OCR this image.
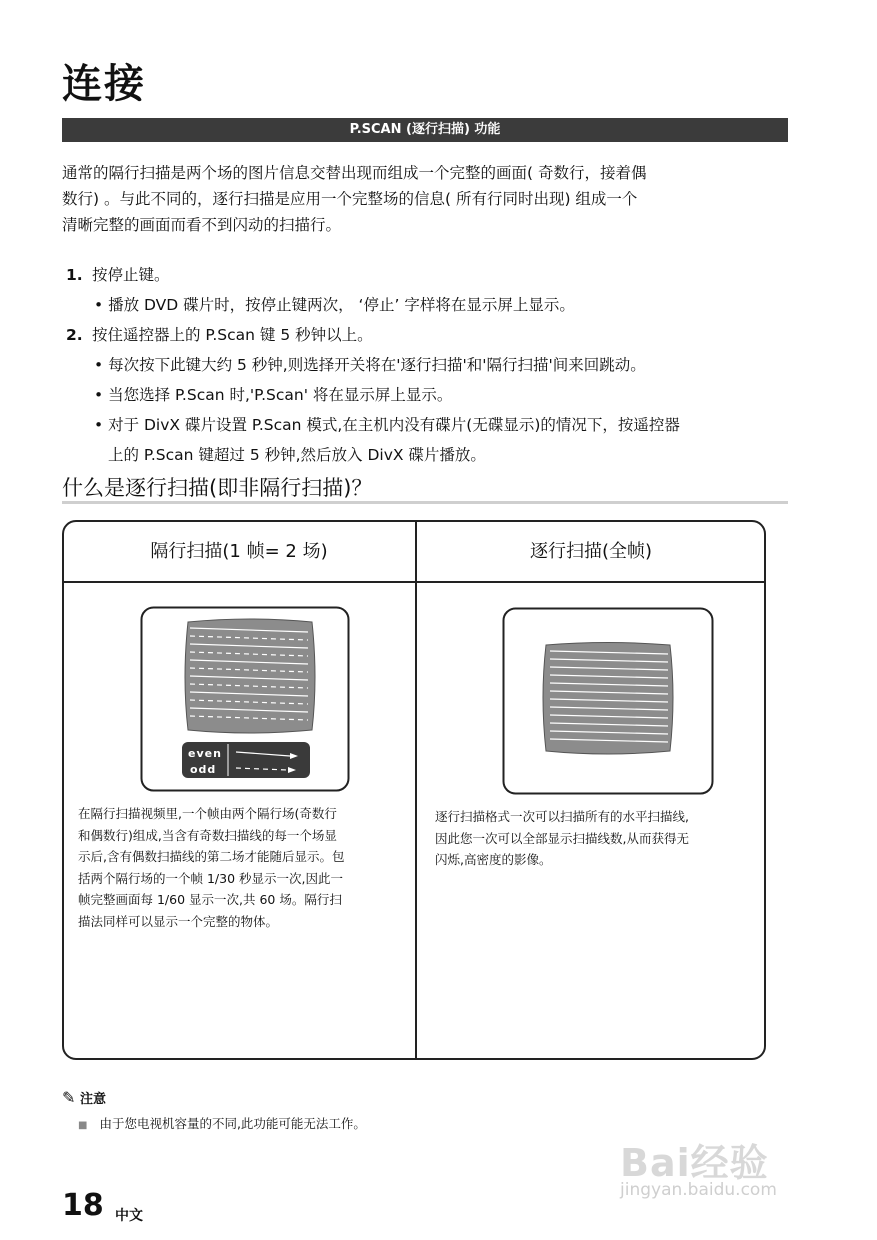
连接
P.SCAN (逐行扫描) 功能
通常的隔行扫描是两个场的图片信息交替出现而组成一个完整的画面( 奇数行，接着偶
数行) 。与此不同的，逐行扫描是应用一个完整场的信息( 所有行同时出现) 组成一个
清晰完整的画面而看不到闪动的扫描行。
1. 按停止键。
• 播放 DVD 碟片时，按停止键两次， ‘停止’ 字样将在显示屏上显示。
2. 按住遥控器上的 P.Scan 键 5 秒钟以上。
• 每次按下此键大约 5 秒钟,则选择开关将在'逐行扫描'和'隔行扫描'间来回跳动。
• 当您选择 P.Scan 时,'P.Scan' 将在显示屏上显示。
• 对于 DivX 碟片设置 P.Scan 模式,在主机内没有碟片(无碟显示)的情况下，按遥控器
上的 P.Scan 键超过 5 秒钟,然后放入 DivX 碟片播放。
什么是逐行扫描(即非隔行扫描)？
隔行扫描(1 帧= 2 场)	逐行扫描(全帧)
even
odd
在隔行扫描视频里,一个帧由两个隔行场(奇数行
和偶数行)组成,当含有奇数扫描线的每一个场显
示后,含有偶数扫描线的第二场才能随后显示。包
括两个隔行场的一个帧 1/30 秒显示一次,因此一
帧完整画面每 1/60 显示一次,共 60 场。隔行扫
描法同样可以显示一个完整的物体。
逐行扫描格式一次可以扫描所有的水平扫描线,
因此您一次可以全部显示扫描线数,从而获得无
闪烁,高密度的影像。
✎ 注意
■ 由于您电视机容量的不同,此功能可能无法工作。
18 中文
Bai经验
jingyan.baidu.com
